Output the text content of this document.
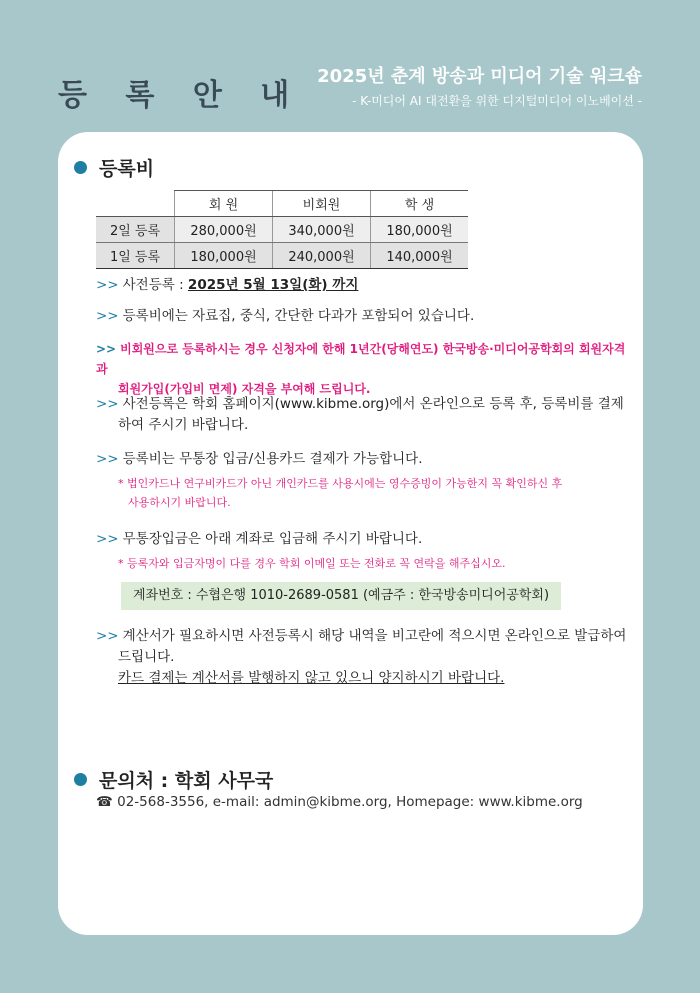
등 록 안 내
2025년 춘계 방송과 미디어 기술 워크숍
- K-미디어 AI 대전환을 위한 디지털미디어 이노베이션 -
등록비
	회 원	비회원	학 생
2일 등록	280,000원	340,000원	180,000원
1일 등록	180,000원	240,000원	140,000원
>> 사전등록 : 2025년 5월 13일(화) 까지
>> 등록비에는 자료집, 중식, 간단한 다과가 포함되어 있습니다.
>> 비회원으로 등록하시는 경우 신청자에 한해 1년간(당해연도) 한국방송·미디어공학회의 회원자격과
회원가입(가입비 면제) 자격을 부여해 드립니다.
>> 사전등록은 학회 홈페이지(www.kibme.org)에서 온라인으로 등록 후, 등록비를 결제
하여 주시기 바랍니다.
>> 등록비는 무통장 입금/신용카드 결제가 가능합니다.
* 법인카드나 연구비카드가 아닌 개인카드를 사용시에는 영수증빙이 가능한지 꼭 확인하신 후
사용하시기 바랍니다.
>> 무통장입금은 아래 계좌로 입금해 주시기 바랍니다.
* 등록자와 입금자명이 다를 경우 학회 이메일 또는 전화로 꼭 연락을 해주십시오.
계좌번호 : 수협은행 1010-2689-0581 (예금주 : 한국방송미디어공학회)
>> 계산서가 필요하시면 사전등록시 해당 내역을 비고란에 적으시면 온라인으로 발급하여
드립니다.
카드 결제는 계산서를 발행하지 않고 있으니 양지하시기 바랍니다.
문의처 : 학회 사무국
☎ 02-568-3556, e-mail: admin@kibme.org, Homepage: www.kibme.org
